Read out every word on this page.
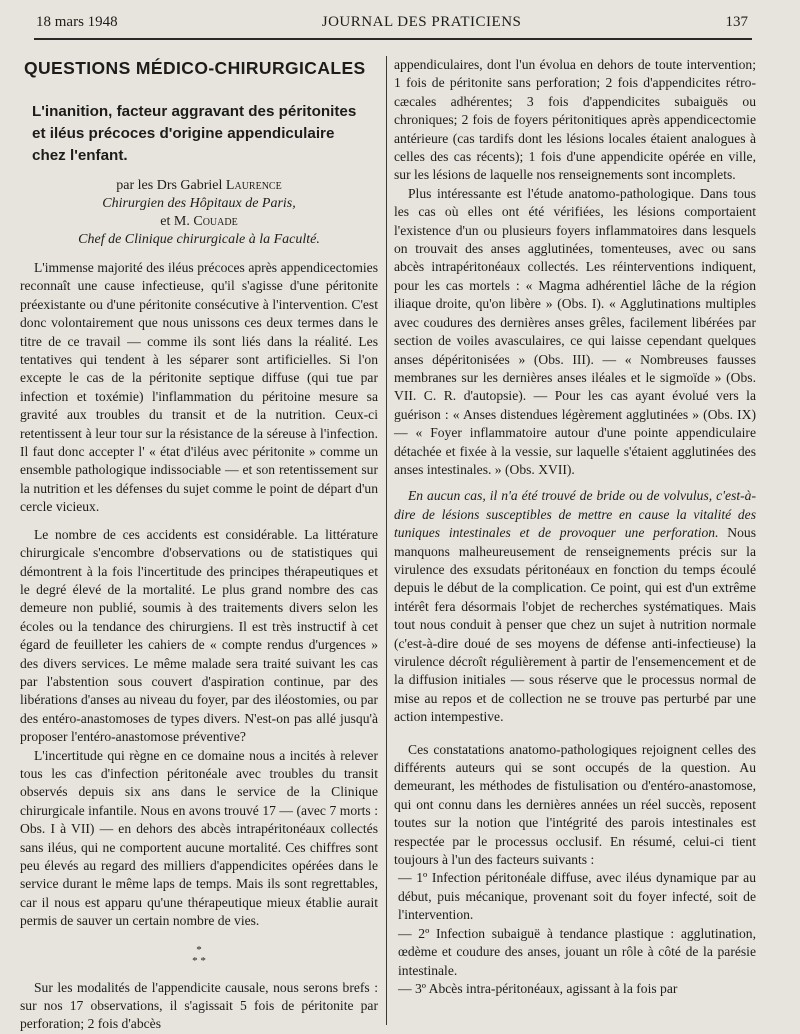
18 mars 1948	JOURNAL DES PRATICIENS	137
QUESTIONS MÉDICO-CHIRURGICALES
L'inanition, facteur aggravant des péritonites et iléus précoces d'origine appendiculaire chez l'enfant.
par les Drs Gabriel Laurence
Chirurgien des Hôpitaux de Paris,
et M. Couade
Chef de Clinique chirurgicale à la Faculté.

L'immense majorité des iléus précoces après appendicectomies reconnaît une cause infectieuse, qu'il s'agisse d'une péritonite préexistante ou d'une péritonite consécutive à l'intervention. C'est donc volontairement que nous unissons ces deux termes dans le titre de ce travail — comme ils sont liés dans la réalité. Les tentatives qui tendent à les séparer sont artificielles. Si l'on excepte le cas de la péritonite septique diffuse (qui tue par infection et toxémie) l'inflammation du péritoine mesure sa gravité aux troubles du transit et de la nutrition. Ceux-ci retentissent à leur tour sur la résistance de la séreuse à l'infection. Il faut donc accepter l' « état d'iléus avec péritonite » comme un ensemble pathologique indissociable — et son retentissement sur la nutrition et les défenses du sujet comme le point de départ d'un cercle vicieux.

Le nombre de ces accidents est considérable. La littérature chirurgicale s'encombre d'observations ou de statistiques qui démontrent à la fois l'incertitude des principes thérapeutiques et le degré élevé de la mortalité. Le plus grand nombre des cas demeure non publié, soumis à des traitements divers selon les écoles ou la tendance des chirurgiens. Il est très instructif à cet égard de feuilleter les cahiers de « compte rendus d'urgences » des divers services. Le même malade sera traité suivant les cas par l'abstention sous couvert d'aspiration continue, par des libérations d'anses au niveau du foyer, par des iléostomies, ou par des entéro-anastomoses de types divers. N'est-on pas allé jusqu'à proposer l'entéro-anastomose préventive?

L'incertitude qui règne en ce domaine nous a incités à relever tous les cas d'infection péritonéale avec troubles du transit observés depuis six ans dans le service de la Clinique chirurgicale infantile. Nous en avons trouvé 17 — (avec 7 morts : Obs. I à VII) — en dehors des abcès intrapéritonéaux collectés sans iléus, qui ne comportent aucune mortalité. Ces chiffres sont peu élevés au regard des milliers d'appendicites opérées dans le service durant le même laps de temps. Mais ils sont regrettables, car il nous est apparu qu'une thérapeutique mieux établie aurait permis de sauver un certain nombre de vies.

*
* *

Sur les modalités de l'appendicite causale, nous serons brefs : sur nos 17 observations, il s'agissait 5 fois de péritonite par perforation; 2 fois d'abcès

appendiculaires, dont l'un évolua en dehors de toute intervention; 1 fois de péritonite sans perforation; 2 fois d'appendicites rétro-cæcales adhérentes; 3 fois d'appendicites subaiguës ou chroniques; 2 fois de foyers péritonitiques après appendicectomie antérieure (cas tardifs dont les lésions locales étaient analogues à celles des cas récents); 1 fois d'une appendicite opérée en ville, sur les lésions de laquelle nos renseignements sont incomplets.

Plus intéressante est l'étude anatomo-pathologique. Dans tous les cas où elles ont été vérifiées, les lésions comportaient l'existence d'un ou plusieurs foyers inflammatoires dans lesquels on trouvait des anses agglutinées, tomenteuses, avec ou sans abcès intrapéritonéaux collectés. Les réinterventions indiquent, pour les cas mortels : « Magma adhérentiel lâche de la région iliaque droite, qu'on libère » (Obs. I). « Agglutinations multiples avec coudures des dernières anses grêles, facilement libérées par section de voiles avasculaires, ce qui laisse cependant quelques anses dépéritonisées » (Obs. III). — « Nombreuses fausses membranes sur les dernières anses iléales et le sigmoïde » (Obs. VII. C. R. d'autopsie). — Pour les cas ayant évolué vers la guérison : « Anses distendues légèrement agglutinées » (Obs. IX) — « Foyer inflammatoire autour d'une pointe appendiculaire détachée et fixée à la vessie, sur laquelle s'étaient agglutinées des anses intestinales. » (Obs. XVII).

En aucun cas, il n'a été trouvé de bride ou de volvulus, c'est-à-dire de lésions susceptibles de mettre en cause la vitalité des tuniques intestinales et de provoquer une perforation. Nous manquons malheureusement de renseignements précis sur la virulence des exsudats péritonéaux en fonction du temps écoulé depuis le début de la complication. Ce point, qui est d'un extrême intérêt fera désormais l'objet de recherches systématiques. Mais tout nous conduit à penser que chez un sujet à nutrition normale (c'est-à-dire doué de ses moyens de défense anti-infectieuse) la virulence décroît régulièrement à partir de l'ensemencement et de la diffusion initiales — sous réserve que le processus normal de mise au repos et de collection ne se trouve pas perturbé par une action intempestive.

Ces constatations anatomo-pathologiques rejoignent celles des différents auteurs qui se sont occupés de la question. Au demeurant, les méthodes de fistulisation ou d'entéro-anastomose, qui ont connu dans les dernières années un réel succès, reposent toutes sur la notion que l'intégrité des parois intestinales est respectée par le processus occlusif. En résumé, celui-ci tient toujours à l'un des facteurs suivants :

— 1º Infection péritonéale diffuse, avec iléus dynamique par au début, puis mécanique, provenant soit du foyer infecté, soit de l'intervention.

— 2º Infection subaiguë à tendance plastique : agglutination, œdème et coudure des anses, jouant un rôle à côté de la parésie intestinale.

— 3º Abcès intra-péritonéaux, agissant à la fois par
